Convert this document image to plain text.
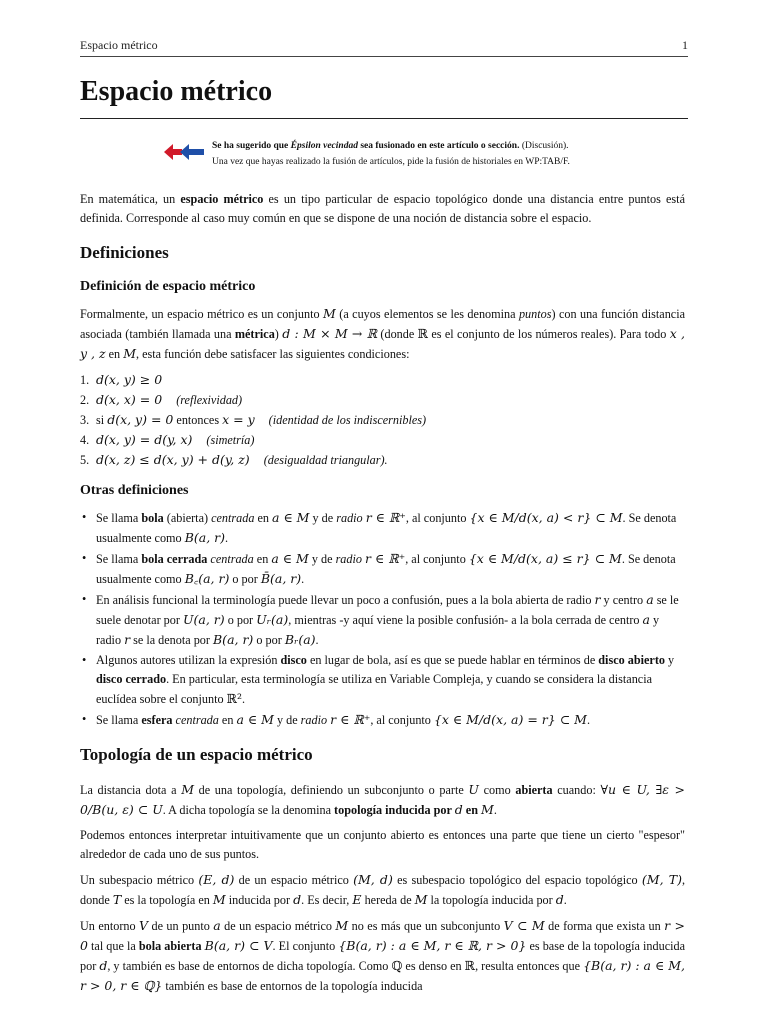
Espacio métrico	1
Espacio métrico
Se ha sugerido que Épsilon vecindad sea fusionado en este artículo o sección. (Discusión).
Una vez que hayas realizado la fusión de artículos, pide la fusión de historiales en WP:TAB/F.

En matemática, un espacio métrico es un tipo particular de espacio topológico donde una distancia entre puntos está definida. Corresponde al caso muy común en que se dispone de una noción de distancia sobre el espacio.

Definiciones
Definición de espacio métrico

Formalmente, un espacio métrico es un conjunto M (a cuyos elementos se les denomina puntos) con una función distancia asociada (también llamada una métrica) d : M × M → ℝ (donde ℝ es el conjunto de los números reales). Para todo x , y , z en M, esta función debe satisfacer las siguientes condiciones:

1. d(x, y) ≥ 0
2. d(x, x) = 0 (reflexividad)
3. si d(x, y) = 0 entonces x = y (identidad de los indiscernibles)
4. d(x, y) = d(y, x) (simetría)
5. d(x, z) ≤ d(x, y) + d(y, z) (desigualdad triangular).
Otras definiciones
• Se llama bola (abierta) centrada en a ∈ M y de radio r ∈ ℝ⁺, al conjunto {x ∈ M/d(x, a) < r} ⊂ M. Se denota usualmente como B(a, r).
• Se llama bola cerrada centrada en a ∈ M y de radio r ∈ ℝ⁺, al conjunto {x ∈ M/d(x, a) ≤ r} ⊂ M. Se denota usualmente como B꜀(a, r) o por B̄(a, r).
• En análisis funcional la terminología puede llevar un poco a confusión, pues a la bola abierta de radio r y centro a se le suele denotar por U(a, r) o por Uᵣ(a), mientras -y aquí viene la posible confusión- a la bola cerrada de centro a y radio r se la denota por B(a, r) o por Bᵣ(a).
• Algunos autores utilizan la expresión disco en lugar de bola, así es que se puede hablar en términos de disco abierto y disco cerrado. En particular, esta terminología se utiliza en Variable Compleja, y cuando se considera la distancia euclídea sobre el conjunto ℝ².
• Se llama esfera centrada en a ∈ M y de radio r ∈ ℝ⁺, al conjunto {x ∈ M/d(x, a) = r} ⊂ M.
Topología de un espacio métrico

La distancia dota a M de una topología, definiendo un subconjunto o parte U como abierta cuando: ∀u ∈ U, ∃ε > 0/B(u, ε) ⊂ U. A dicha topología se la denomina topología inducida por d en M.

Podemos entonces interpretar intuitivamente que un conjunto abierto es entonces una parte que tiene un cierto "espesor" alrededor de cada uno de sus puntos.

Un subespacio métrico (E, d) de un espacio métrico (M, d) es subespacio topológico del espacio topológico (M, T), donde T es la topología en M inducida por d. Es decir, E hereda de M la topología inducida por d.

Un entorno V de un punto a de un espacio métrico M no es más que un subconjunto V ⊂ M de forma que exista un r > 0 tal que la bola abierta B(a, r) ⊂ V. El conjunto {B(a, r) : a ∈ M, r ∈ ℝ, r > 0} es base de la topología inducida por d, y también es base de entornos de dicha topología. Como ℚ es denso en ℝ, resulta entonces que {B(a, r) : a ∈ M, r > 0, r ∈ ℚ} también es base de entornos de la topología inducida
